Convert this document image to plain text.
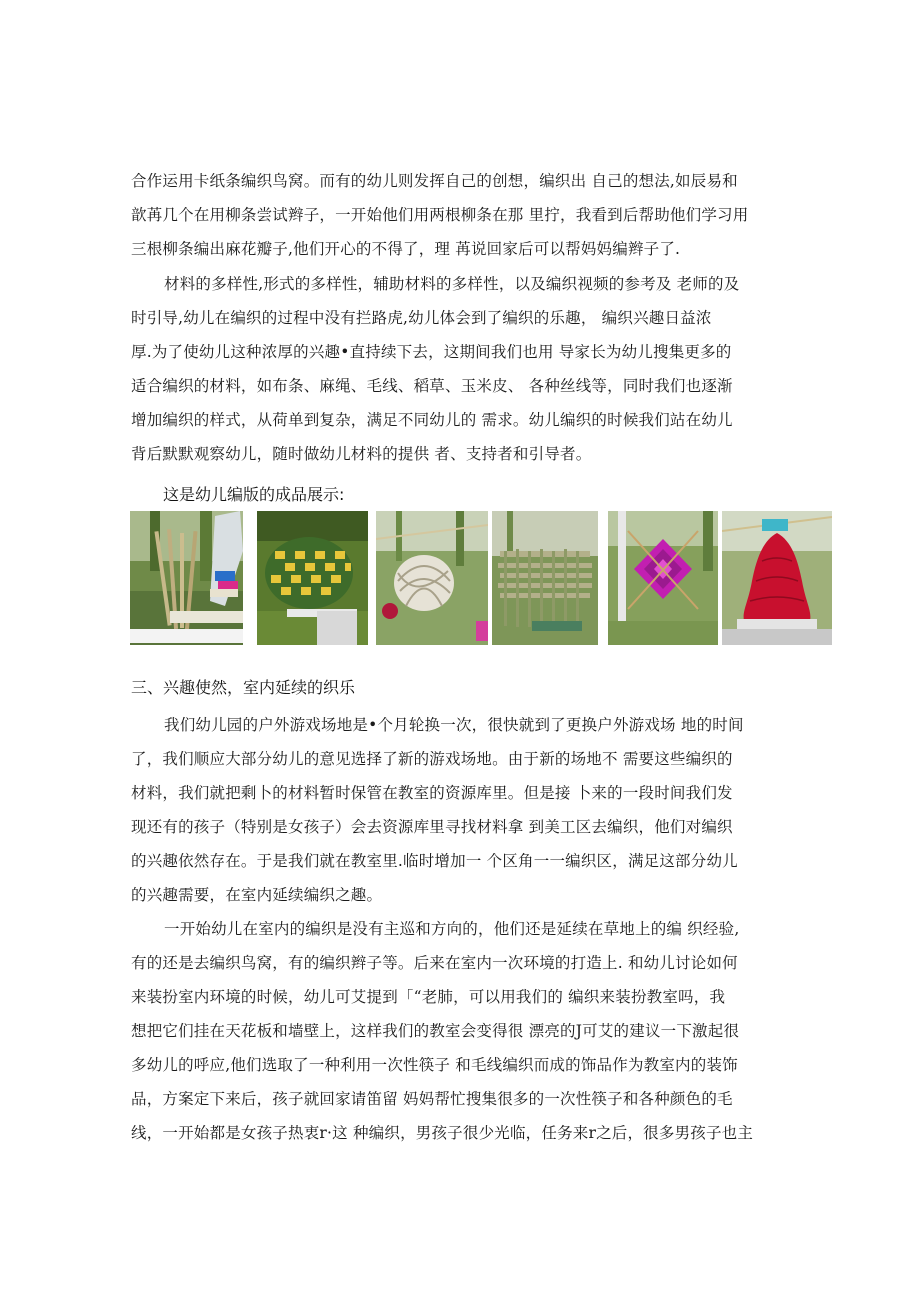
合作运用卡纸条编织鸟窝。而有的幼儿则发挥自己的创想，编织出 自己的想法,如辰易和
歆苒几个在用柳条尝试辫子，一开始他们用两根柳条在那 里拧，我看到后帮助他们学习用
三根柳条编出麻花瓣子,他们开心的不得了，理 苒说回家后可以帮妈妈编辫子了.
材料的多样性,形式的多样性，辅助材料的多样性，以及编织视频的参考及 老师的及
时引导,幼儿在编织的过程中没有拦路虎,幼儿体会到了编织的乐趣， 编织兴趣日益浓
厚.为了使幼儿这种浓厚的兴趣•直持续下去，这期间我们也用 导家长为幼儿搜集更多的
适合编织的材料，如布条、麻绳、毛线、稻草、玉米皮、 各种丝线等，同时我们也逐渐
增加编织的样式，从荷单到复杂，满足不同幼儿的 需求。幼儿编织的时候我们站在幼儿
背后默默观察幼儿，随时做幼儿材料的提供 者、支持者和引导者。
这是幼儿编版的成品展示:
三、兴趣使然，室内延续的织乐
我们幼儿园的户外游戏场地是•个月轮换一次，很快就到了更换户外游戏场 地的时间
了，我们顺应大部分幼儿的意见选择了新的游戏场地。由于新的场地不 需要这些编织的
材料，我们就把剩卜的材料暂时保管在教室的资源库里。但是接 卜来的一段时间我们发
现还有的孩子（特别是女孩子）会去资源库里寻找材料拿 到美工区去编织，他们对编织
的兴趣依然存在。于是我们就在教室里.临时增加一 个区角一一编织区，满足这部分幼儿
的兴趣需要，在室内延续编织之趣。
一开始幼儿在室内的编织是没有主巡和方向的，他们还是延续在草地上的编 织经验,
有的还是去编织鸟窝，有的编织辫子等。后来在室内一次环境的打造上. 和幼儿讨论如何
来装扮室内环境的时候，幼儿可艾提到「“老肺，可以用我们的 编织来装扮教室吗，我
想把它们挂在天花板和墙壁上，这样我们的教室会变得很 漂亮的J可艾的建议一下激起很
多幼儿的呼应,他们选取了一种利用一次性筷子 和毛线编织而成的饰品作为教室内的装饰
品，方案定下来后，孩子就回家请笛留 妈妈帮忙搜集很多的一次性筷子和各种颜色的毛
线，一开始都是女孩子热衷r·这 种编织，男孩子很少光临，任务来r之后，很多男孩子也主
